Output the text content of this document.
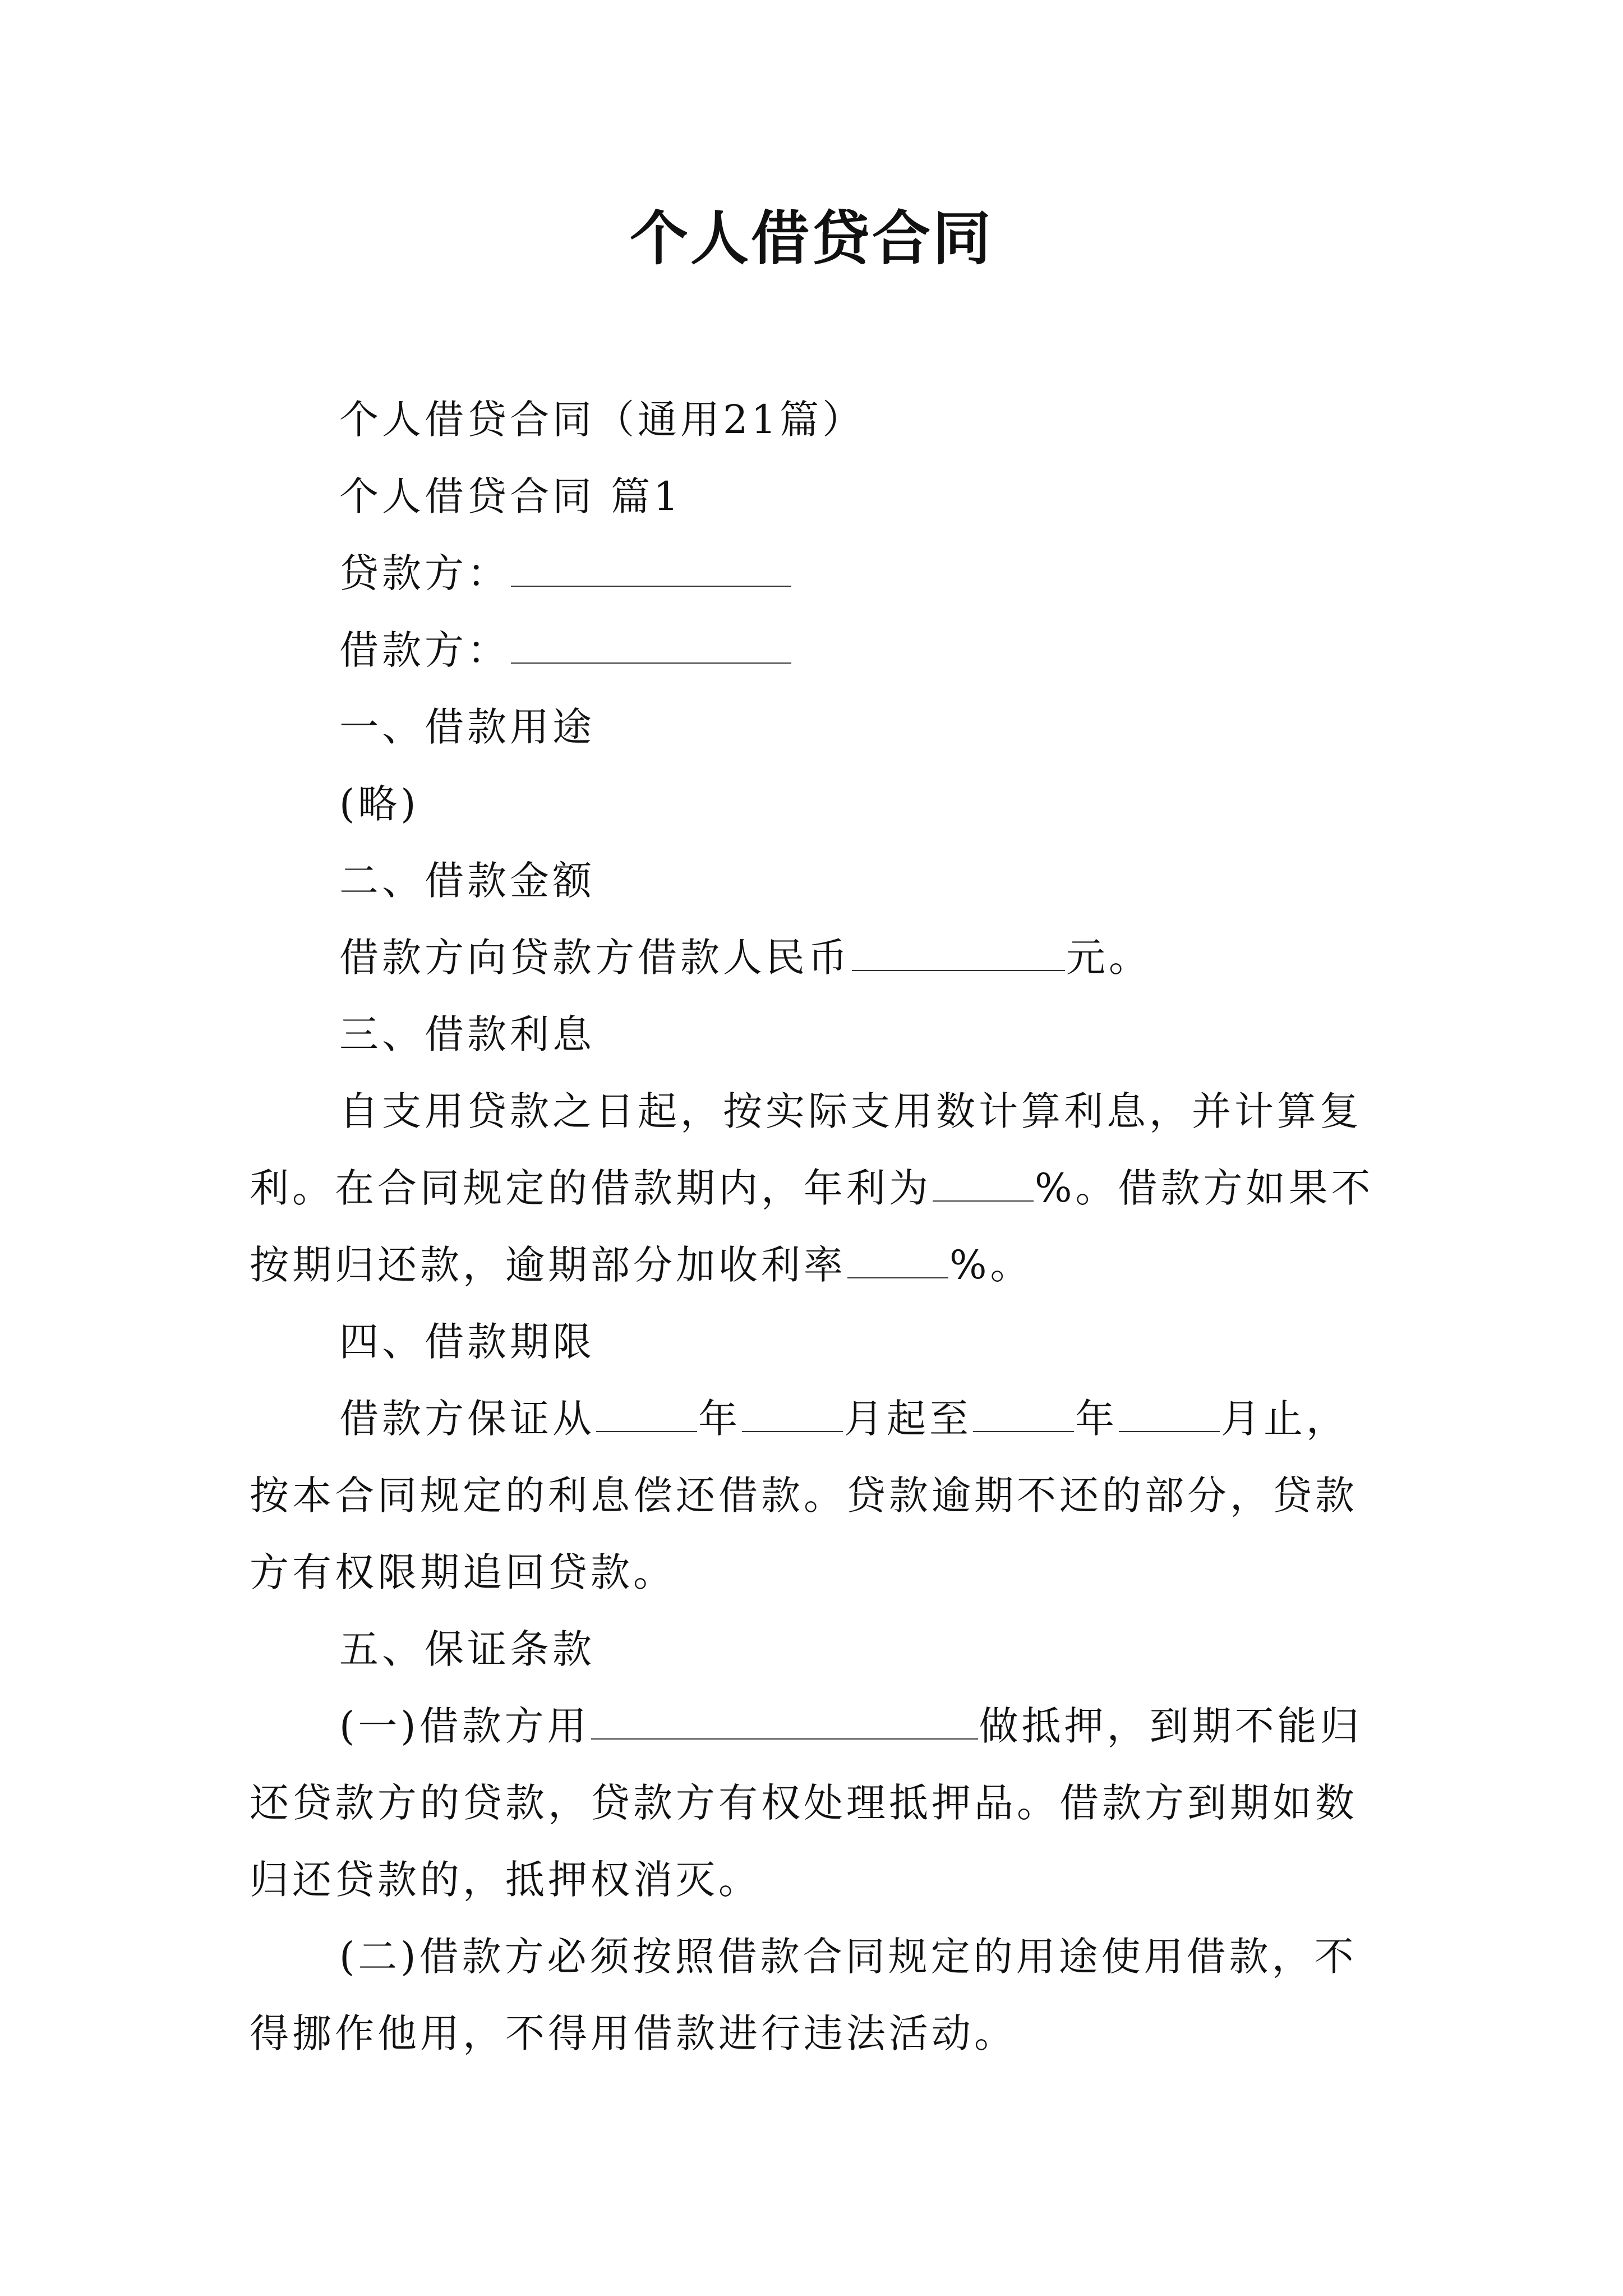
个人借贷合同

个人借贷合同（通用21篇）

个人借贷合同 篇1

贷款方：

借款方：

一、借款用途

(略)

二、借款金额

借款方向贷款方借款人民币	元。

三、借款利息

自支用贷款之日起，按实际支用数计算利息，并计算复利。在合同规定的借款期内，年利为	%。借款方如果不按期归还款，逾期部分加收利率	%。

四、借款期限

借款方保证从	年	月起至	年	月止，按本合同规定的利息偿还借款。贷款逾期不还的部分，贷款方有权限期追回贷款。

五、保证条款

(一)借款方用	做抵押，到期不能归还贷款方的贷款，贷款方有权处理抵押品。借款方到期如数归还贷款的，抵押权消灭。

(二)借款方必须按照借款合同规定的用途使用借款，不得挪作他用，不得用借款进行违法活动。
